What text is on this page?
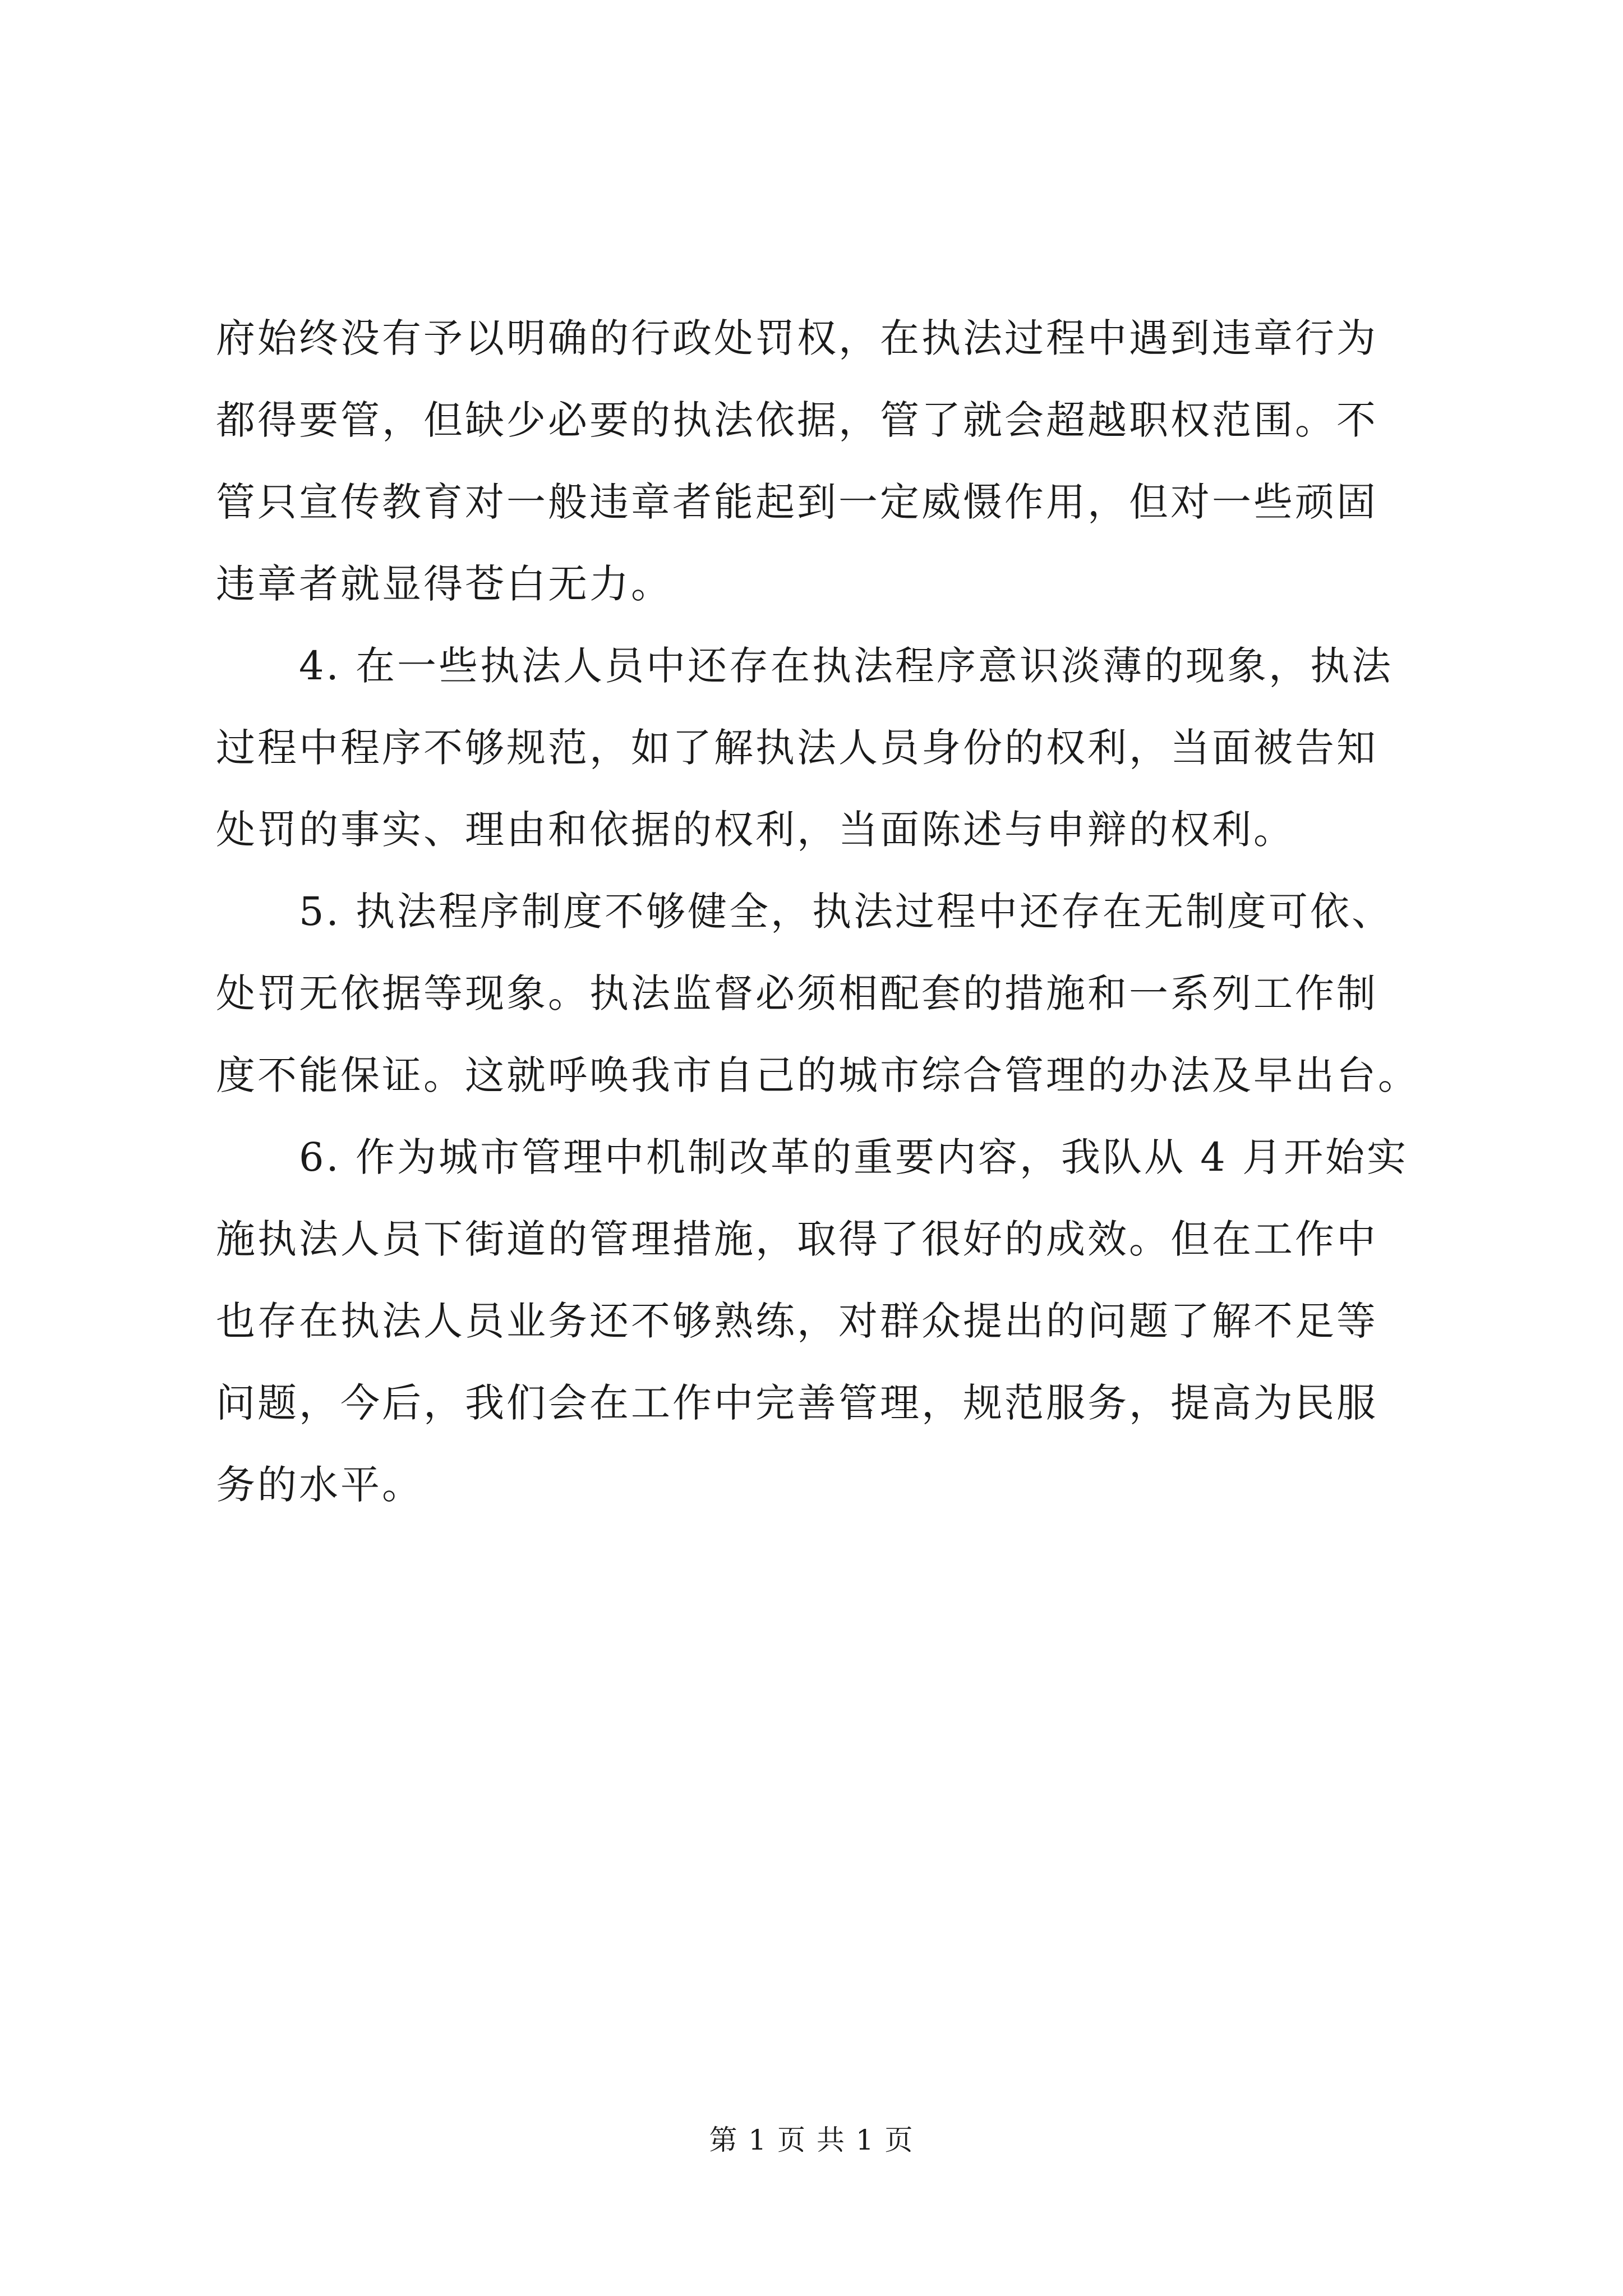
府始终没有予以明确的行政处罚权，在执法过程中遇到违章行为
都得要管，但缺少必要的执法依据，管了就会超越职权范围。不
管只宣传教育对一般违章者能起到一定威慑作用，但对一些顽固
违章者就显得苍白无力。
4. 在一些执法人员中还存在执法程序意识淡薄的现象，执法
过程中程序不够规范，如了解执法人员身份的权利，当面被告知
处罚的事实、理由和依据的权利，当面陈述与申辩的权利。
5. 执法程序制度不够健全，执法过程中还存在无制度可依、
处罚无依据等现象。执法监督必须相配套的措施和一系列工作制
度不能保证。这就呼唤我市自己的城市综合管理的办法及早出台。
6. 作为城市管理中机制改革的重要内容，我队从 4 月开始实
施执法人员下街道的管理措施，取得了很好的成效。但在工作中
也存在执法人员业务还不够熟练，对群众提出的问题了解不足等
问题，今后，我们会在工作中完善管理，规范服务，提高为民服
务的水平。
第 1 页 共 1 页
